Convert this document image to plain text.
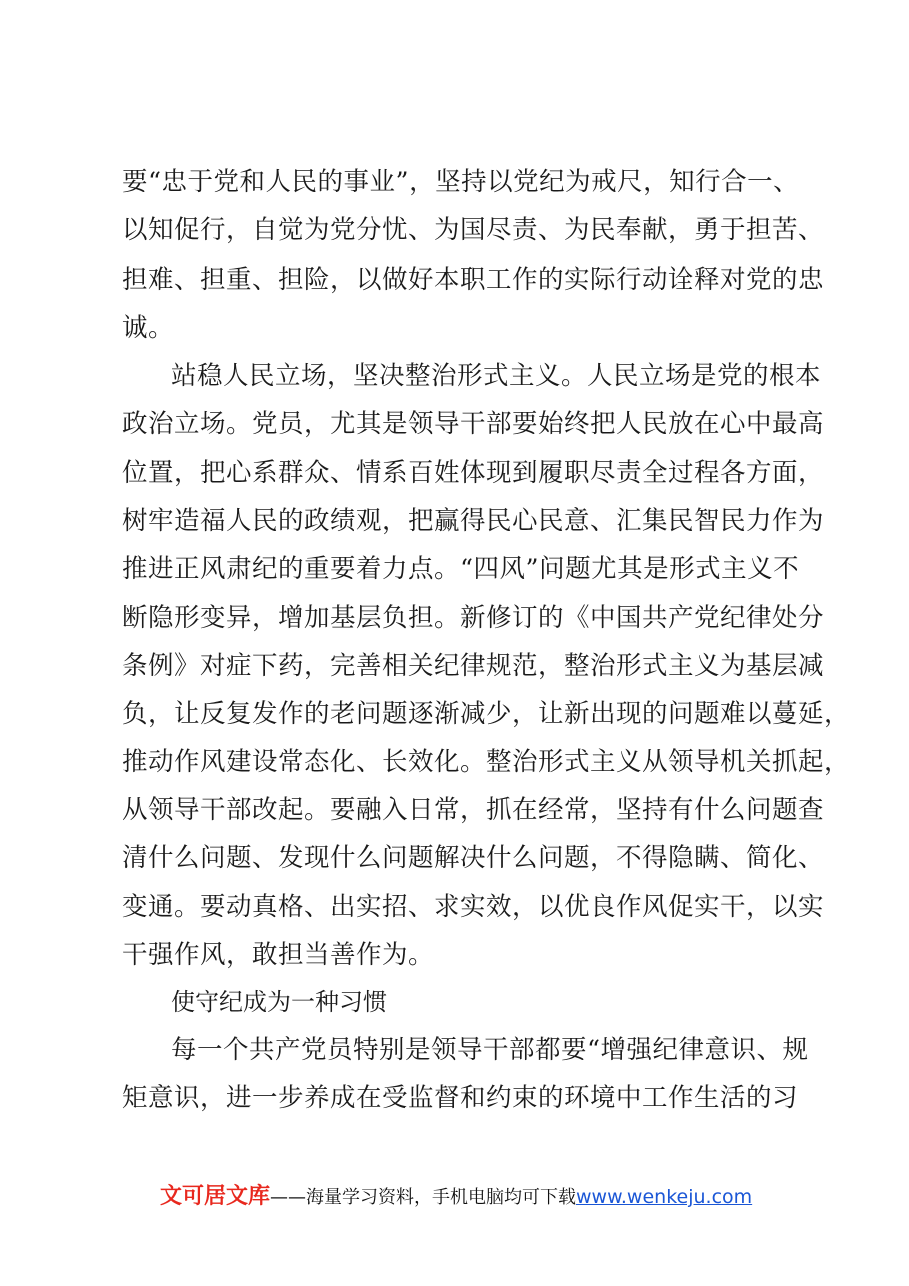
要“忠于党和人民的事业”，坚持以党纪为戒尺，知行合一、
以知促行，自觉为党分忧、为国尽责、为民奉献，勇于担苦、
担难、担重、担险，以做好本职工作的实际行动诠释对党的忠
诚。
站稳人民立场，坚决整治形式主义。人民立场是党的根本
政治立场。党员，尤其是领导干部要始终把人民放在心中最高
位置，把心系群众、情系百姓体现到履职尽责全过程各方面，
树牢造福人民的政绩观，把赢得民心民意、汇集民智民力作为
推进正风肃纪的重要着力点。“四风”问题尤其是形式主义不
断隐形变异，增加基层负担。新修订的《中国共产党纪律处分
条例》对症下药，完善相关纪律规范，整治形式主义为基层减
负，让反复发作的老问题逐渐减少，让新出现的问题难以蔓延，
推动作风建设常态化、长效化。整治形式主义从领导机关抓起，
从领导干部改起。要融入日常，抓在经常，坚持有什么问题查
清什么问题、发现什么问题解决什么问题，不得隐瞒、简化、
变通。要动真格、出实招、求实效，以优良作风促实干，以实
干强作风，敢担当善作为。
使守纪成为一种习惯
每一个共产党员特别是领导干部都要“增强纪律意识、规
矩意识，进一步养成在受监督和约束的环境中工作生活的习
文可居文库——海量学习资料，手机电脑均可下载www.wenkeju.com
